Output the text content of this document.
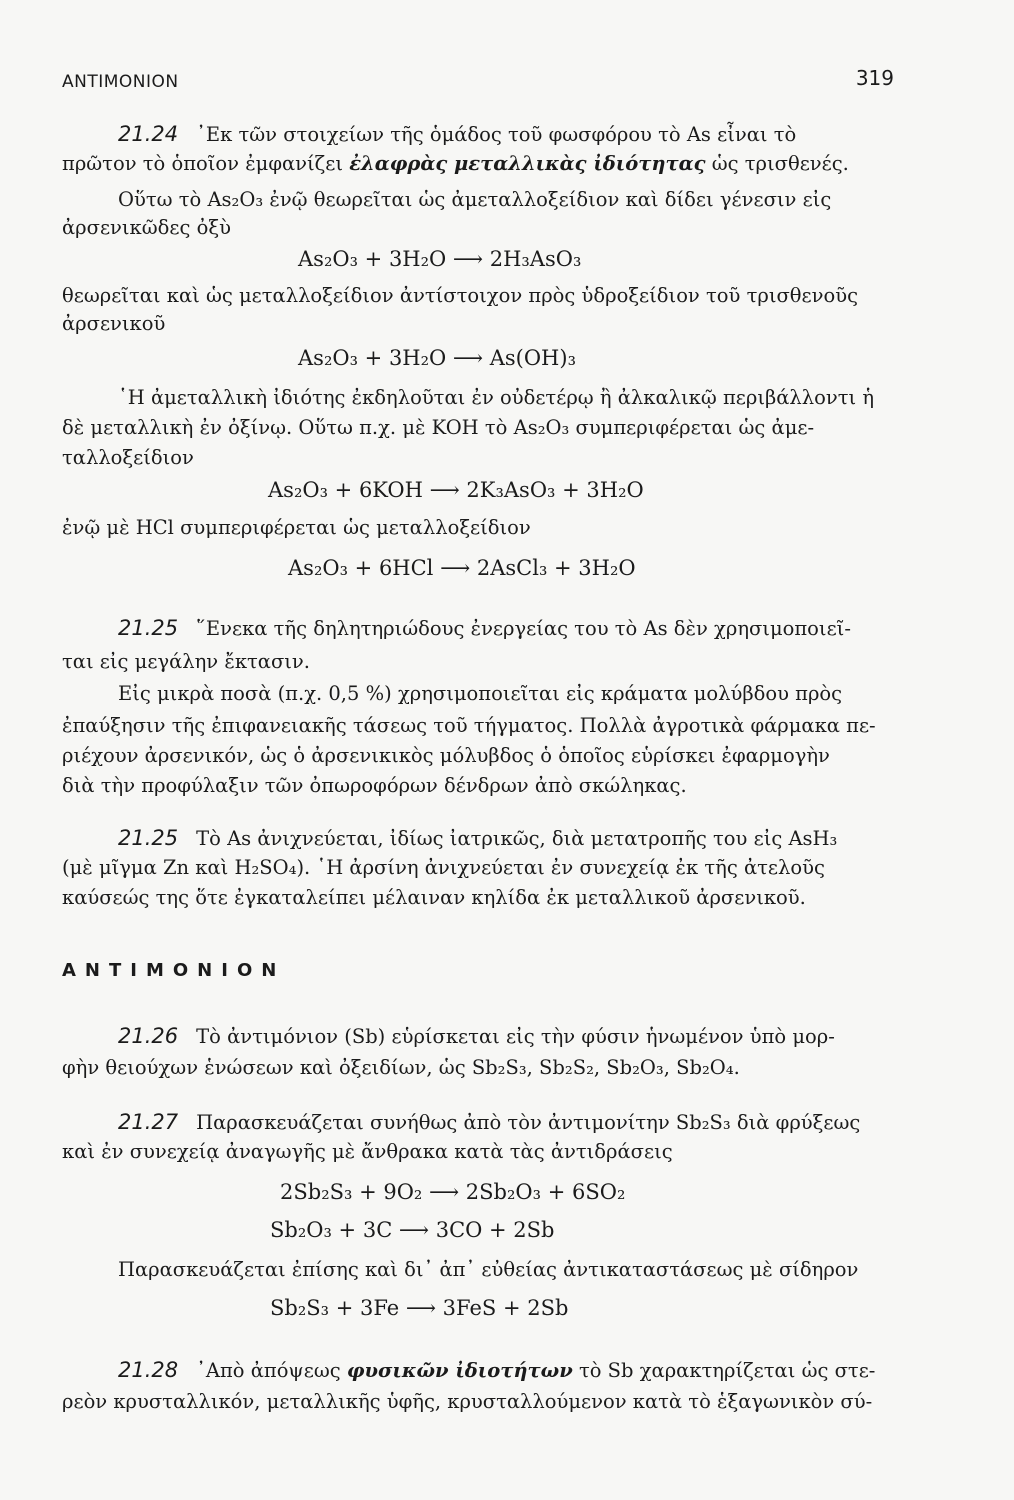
ΑΝΤΙΜΟΝΙΟΝ	319
21.24 ᾿Εκ τῶν στοιχείων τῆς ὁμάδος τοῦ φωσφόρου τὸ As εἶναι τὸ
πρῶτον τὸ ὁποῖον ἐμφανίζει ἐλαφρὰς μεταλλικὰς ἰδιότητας ὡς τρισθενές.
Οὕτω τὸ As₂O₃ ἐνῷ θεωρεῖται ὡς ἀμεταλλοξείδιον καὶ δίδει γένεσιν εἰς
ἀρσενικῶδες ὀξὺ
As₂O₃ + 3H₂O ⟶ 2H₃AsO₃
θεωρεῖται καὶ ὡς μεταλλοξείδιον ἀντίστοιχον πρὸς ὑδροξείδιον τοῦ τρισθενοῦς
ἀρσενικοῦ
As₂O₃ + 3H₂O ⟶ As(OH)₃
῾Η ἀμεταλλικὴ ἰδιότης ἐκδηλοῦται ἐν οὐδετέρῳ ἢ ἀλκαλικῷ περιβάλλοντι ἡ
δὲ μεταλλικὴ ἐν ὀξίνῳ. Οὕτω π.χ. μὲ KOH τὸ As₂O₃ συμπεριφέρεται ὡς ἀμε-
ταλλοξείδιον
As₂O₃ + 6KOH ⟶ 2K₃AsO₃ + 3H₂O
ἐνῷ μὲ HCl συμπεριφέρεται ὡς μεταλλοξείδιον
As₂O₃ + 6HCl ⟶ 2AsCl₃ + 3H₂O
21.25 ῞Ενεκα τῆς δηλητηριώδους ἐνεργείας του τὸ As δὲν χρησιμοποιεῖ-
ται εἰς μεγάλην ἔκτασιν.
Εἰς μικρὰ ποσὰ (π.χ. 0,5 %) χρησιμοποιεῖται εἰς κράματα μολύβδου πρὸς
ἐπαύξησιν τῆς ἐπιφανειακῆς τάσεως τοῦ τήγματος. Πολλὰ ἀγροτικὰ φάρμακα πε-
ριέχουν ἀρσενικόν, ὡς ὁ ἀρσενικικὸς μόλυβδος ὁ ὁποῖος εὑρίσκει ἐφαρμογὴν
διὰ τὴν προφύλαξιν τῶν ὀπωροφόρων δένδρων ἀπὸ σκώληκας.
21.25 Τὸ As ἀνιχνεύεται, ἰδίως ἰατρικῶς, διὰ μετατροπῆς του εἰς AsH₃
(μὲ μῖγμα Zn καὶ H₂SO₄). ῾Η ἀρσίνη ἀνιχνεύεται ἐν συνεχείᾳ ἐκ τῆς ἀτελοῦς
καύσεώς της ὅτε ἐγκαταλείπει μέλαιναν κηλίδα ἐκ μεταλλικοῦ ἀρσενικοῦ.
ΑΝΤΙΜΟΝΙΟΝ
21.26 Τὸ ἀντιμόνιον (Sb) εὑρίσκεται εἰς τὴν φύσιν ἡνωμένον ὑπὸ μορ-
φὴν θειούχων ἑνώσεων καὶ ὀξειδίων, ὡς Sb₂S₃, Sb₂S₂, Sb₂O₃, Sb₂O₄.
21.27 Παρασκευάζεται συνήθως ἀπὸ τὸν ἀντιμονίτην Sb₂S₃ διὰ φρύξεως
καὶ ἐν συνεχείᾳ ἀναγωγῆς μὲ ἄνθρακα κατὰ τὰς ἀντιδράσεις
2Sb₂S₃ + 9O₂ ⟶ 2Sb₂O₃ + 6SO₂
Sb₂O₃ + 3C ⟶ 3CO + 2Sb
Παρασκευάζεται ἐπίσης καὶ δι᾿ ἀπ᾿ εὐθείας ἀντικαταστάσεως μὲ σίδηρον
Sb₂S₃ + 3Fe ⟶ 3FeS + 2Sb
21.28 ᾿Απὸ ἀπόψεως φυσικῶν ἰδιοτήτων τὸ Sb χαρακτηρίζεται ὡς στε-
ρεὸν κρυσταλλικόν, μεταλλικῆς ὑφῆς, κρυσταλλούμενον κατὰ τὸ ἑξαγωνικὸν σύ-
